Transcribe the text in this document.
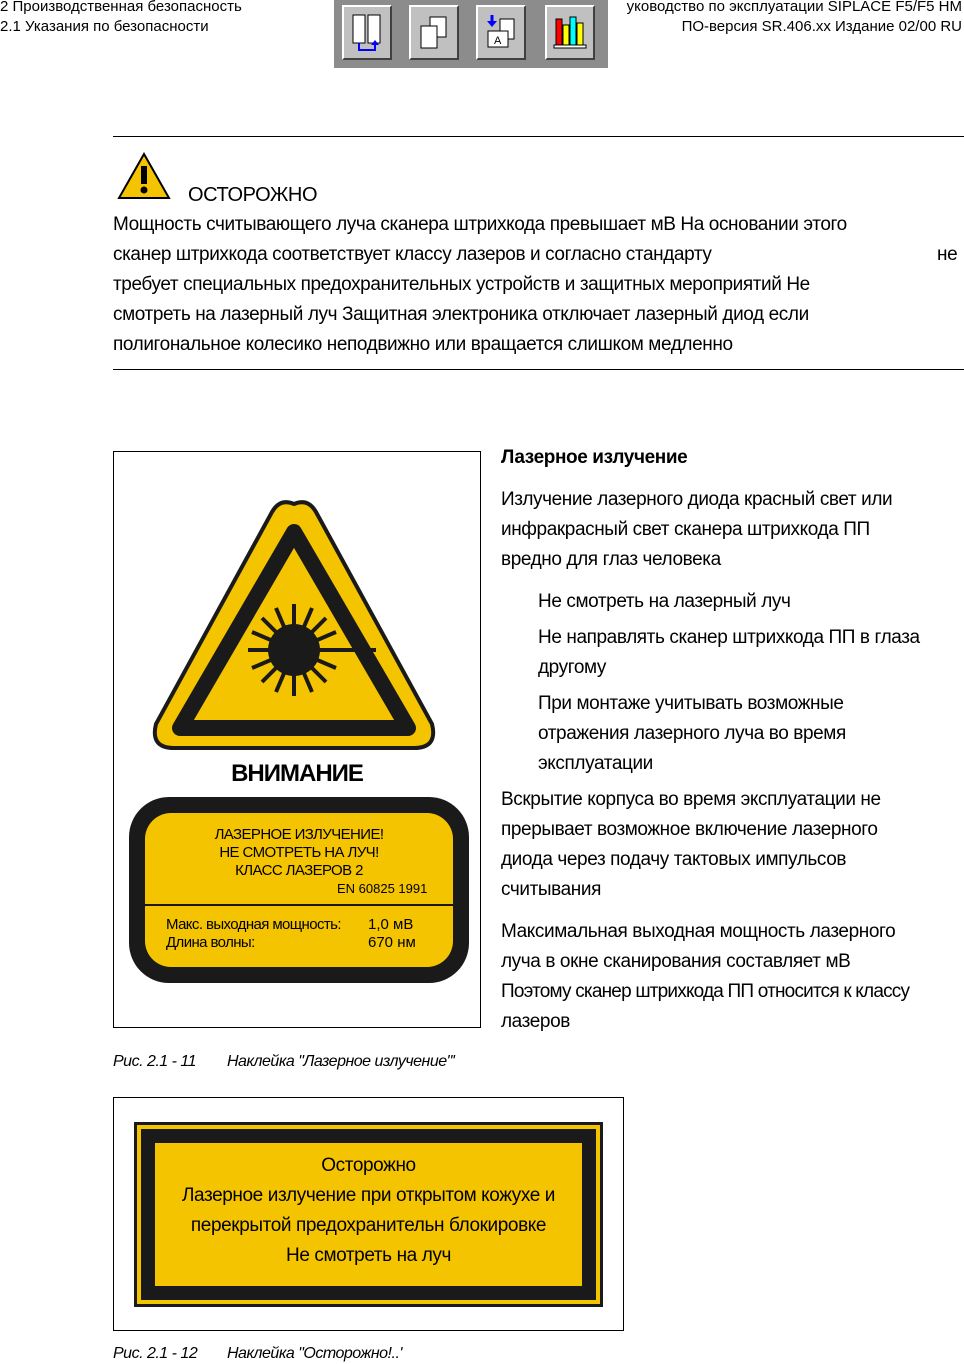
2 Производственная безопасность
2.1 Указания по безопасности
уководство по эксплуатации SIPLACE F5/F5 HM
ПО-версия SR.406.xx Издание 02/00 RU
A
ОСТОРОЖНО
Мощность считывающего луча сканера штрихкода превышает мВ На основании этого
сканер штрихкода соответствует классу лазеров и согласно стандарту	не
требует специальных предохранительных устройств и защитных мероприятий Не
смотреть на лазерный луч Защитная электроника отключает лазерный диод если
полигональное колесико неподвижно или вращается слишком медленно
ВНИМАНИЕ
ЛАЗЕРНОЕ ИЗЛУЧЕНИЕ!
НЕ СМОТРЕТЬ НА ЛУЧ!
КЛАСС ЛАЗЕРОВ 2
EN 60825 1991
Макс. выходная мощность: 1,0 мВ
Длина волны:	670 нм
Рис. 2.1 - 11 Наклейка "Лазерное излучение"'
Лазерное излучение
Излучение лазерного диода красный свет или
инфракрасный свет сканера штрихкода ПП
вредно для глаз человека
Не смотреть на лазерный луч
Не направлять сканер штрихкода ПП в глаза
другому
При монтаже учитывать возможные
отражения лазерного луча во время
эксплуатации
Вскрытие корпуса во время эксплуатации не
прерывает возможное включение лазерного
диода через подачу тактовых импульсов
считывания
Максимальная выходная мощность лазерного
луча в окне сканирования составляет мВ
Поэтому сканер штрихкода ПП относится к классу
лазеров
Осторожно
Лазерное излучение при открытом кожухе и
перекрытой предохранительн блокировке
Не смотреть на луч
Рис. 2.1 - 12 Наклейка "Осторожно!..'
